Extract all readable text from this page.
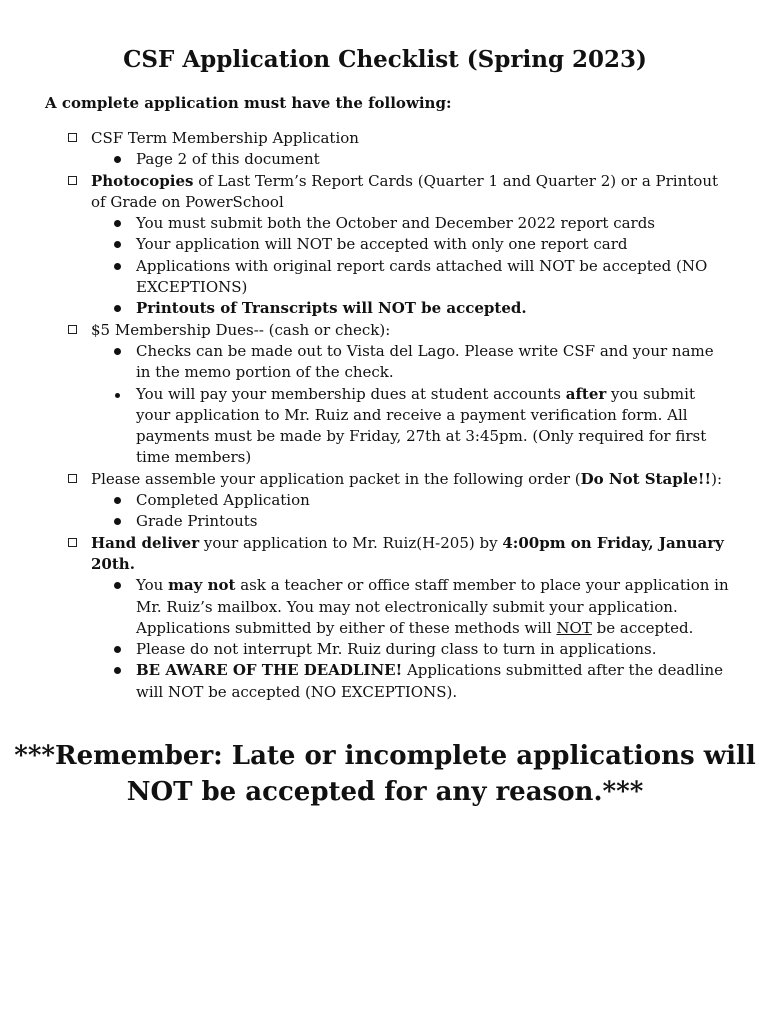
CSF Application Checklist (Spring 2023)
A complete application must have the following:
CSF Term Membership Application
Page 2 of this document
Photocopies of Last Term’s Report Cards (Quarter 1 and Quarter 2) or a Printout of Grade on PowerSchool
You must submit both the October and December 2022 report cards
Your application will NOT be accepted with only one report card
Applications with original report cards attached will NOT be accepted (NO EXCEPTIONS)
Printouts of Transcripts will NOT be accepted.
$5 Membership Dues-- (cash or check):
Checks can be made out to Vista del Lago. Please write CSF and your name in the memo portion of the check.
You will pay your membership dues at student accounts after you submit your application to Mr. Ruiz and receive a payment verification form. All payments must be made by Friday, 27th at 3:45pm. (Only required for first time members)
Please assemble your application packet in the following order (Do Not Staple!!):
Completed Application
Grade Printouts
Hand deliver your application to Mr. Ruiz(H-205) by 4:00pm on Friday, January 20th.
You may not ask a teacher or office staff member to place your application in Mr. Ruiz’s mailbox. You may not electronically submit your application. Applications submitted by either of these methods will NOT be accepted.
Please do not interrupt Mr. Ruiz during class to turn in applications.
BE AWARE OF THE DEADLINE! Applications submitted after the deadline will NOT be accepted (NO EXCEPTIONS).
***Remember: Late or incomplete applications will NOT be accepted for any reason.***
